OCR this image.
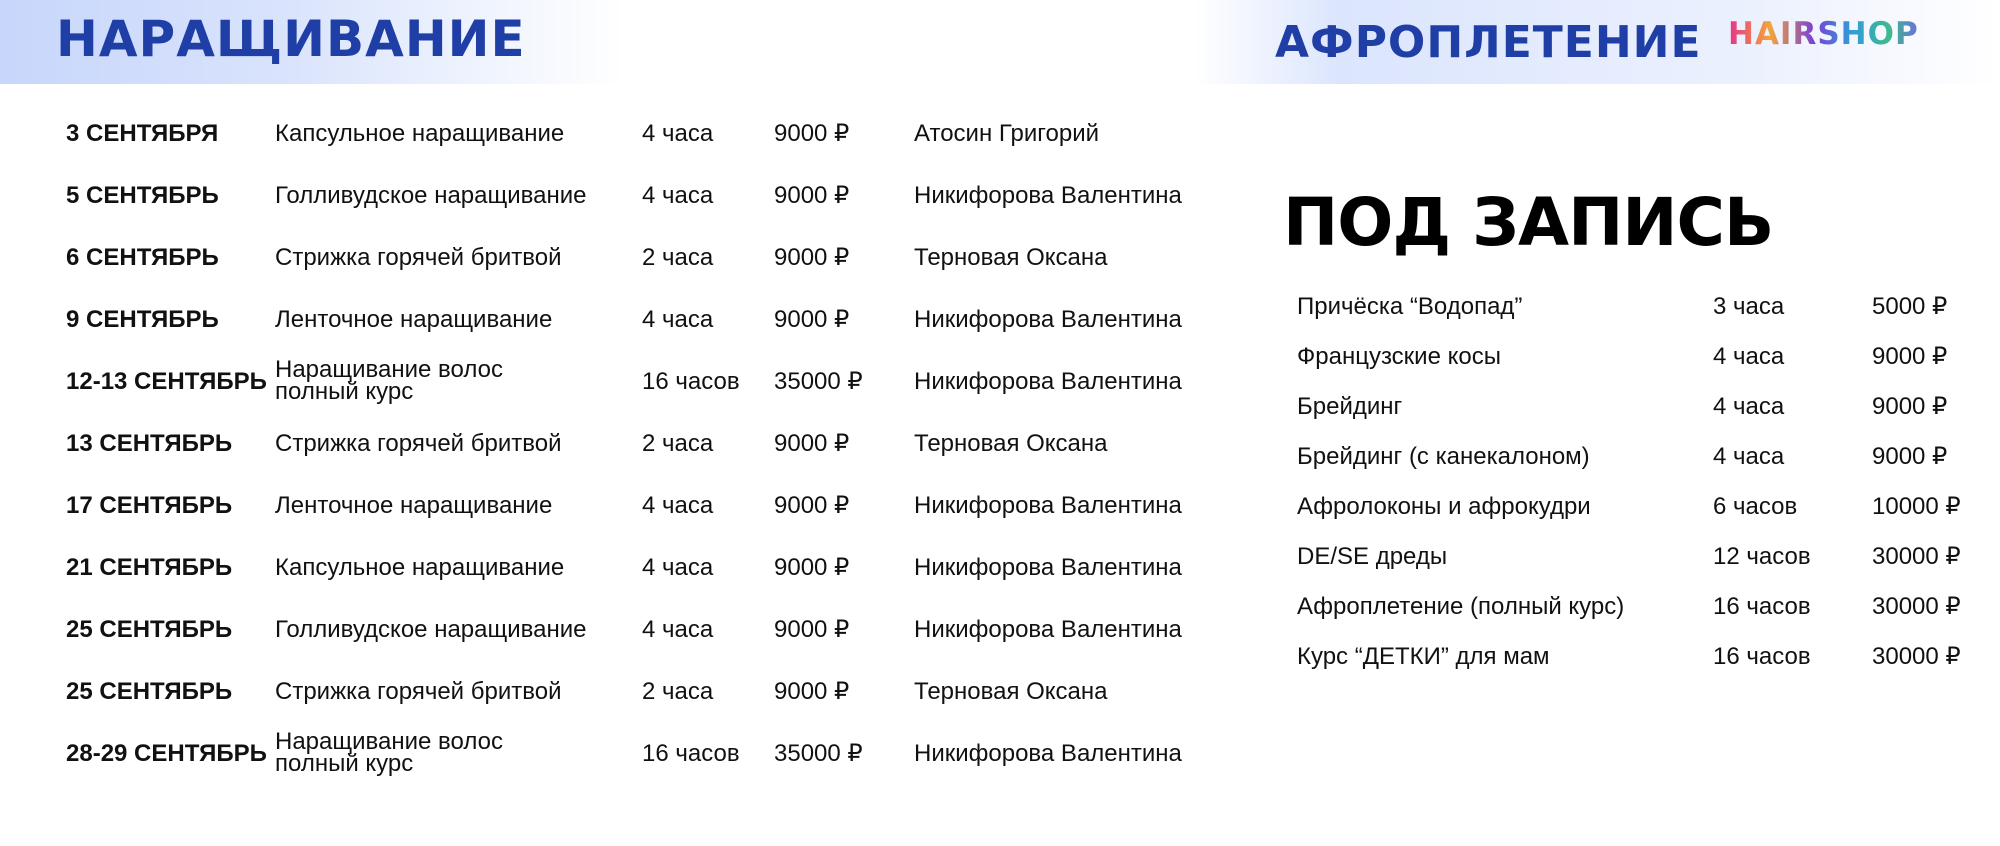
НАРАЩИВАНИЕ	АФРОПЛЕТЕНИЕ HAIRSHOP
3 СЕНТЯБРЯ Капсульное наращивание	4 часа	9000 ₽	Атосин Григорий
5 СЕНТЯБРЬ Голливудское наращивание 4 часа	9000 ₽	Никифорова Валентина
6 СЕНТЯБРЬ Стрижка горячей бритвой	2 часа	9000 ₽	Терновая Оксана
9 СЕНТЯБРЬ Ленточное наращивание	4 часа	9000 ₽	Никифорова Валентина
12-13 СЕНТЯБРЬ Наращивание волос
полный курс	16 часов 35000 ₽ Никифорова Валентина
13 СЕНТЯБРЬ Стрижка горячей бритвой	2 часа	9000 ₽	Терновая Оксана
17 СЕНТЯБРЬ Ленточное наращивание	4 часа	9000 ₽	Никифорова Валентина
21 СЕНТЯБРЬ Капсульное наращивание	4 часа	9000 ₽	Никифорова Валентина
25 СЕНТЯБРЬ Голливудское наращивание 4 часа	9000 ₽	Никифорова Валентина
25 СЕНТЯБРЬ Стрижка горячей бритвой	2 часа	9000 ₽	Терновая Оксана
28-29 СЕНТЯБРЬ Наращивание волос
полный курс	16 часов 35000 ₽ Никифорова Валентина
ПОД ЗАПИСЬ
Причёска “Водопад”	3 часа	5000 ₽
Французские косы	4 часа	9000 ₽
Брейдинг	4 часа	9000 ₽
Брейдинг (с канекалоном)	4 часа	9000 ₽
Афролоконы и афрокудри	6 часов	10000 ₽
DE/SE дреды	12 часов	30000 ₽
Афроплетение (полный курс)	16 часов	30000 ₽
Курс “ДЕТКИ” для мам	16 часов	30000 ₽
